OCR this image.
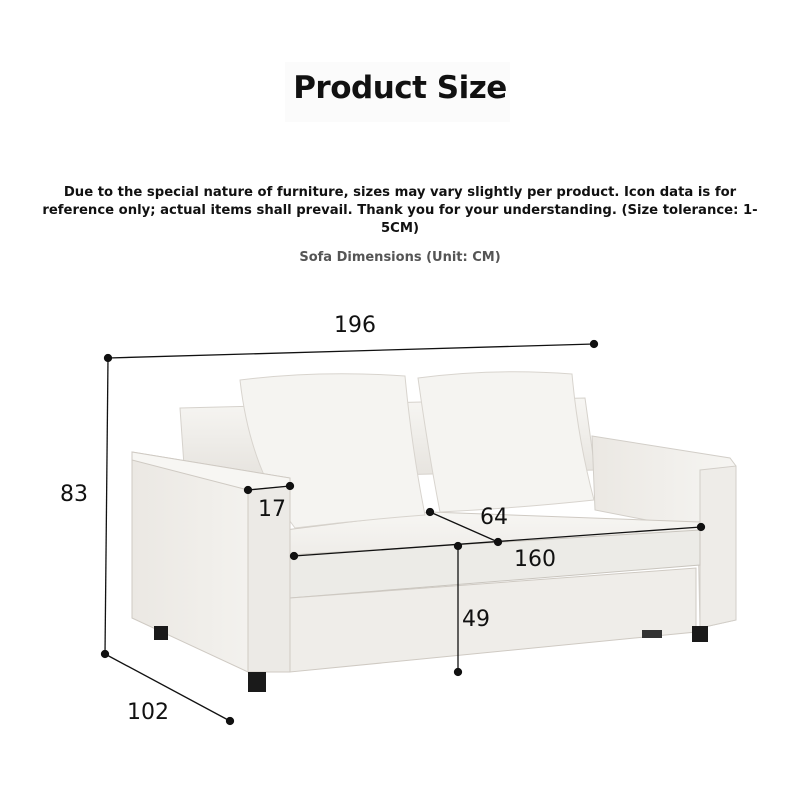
Product Size
Due to the special nature of furniture, sizes may vary slightly per product. Icon data is for reference only; actual items shall prevail. Thank you for your understanding. (Size tolerance: 1-5CM)
Sofa Dimensions (Unit: CM)
196
83
102
17	64
160
49
